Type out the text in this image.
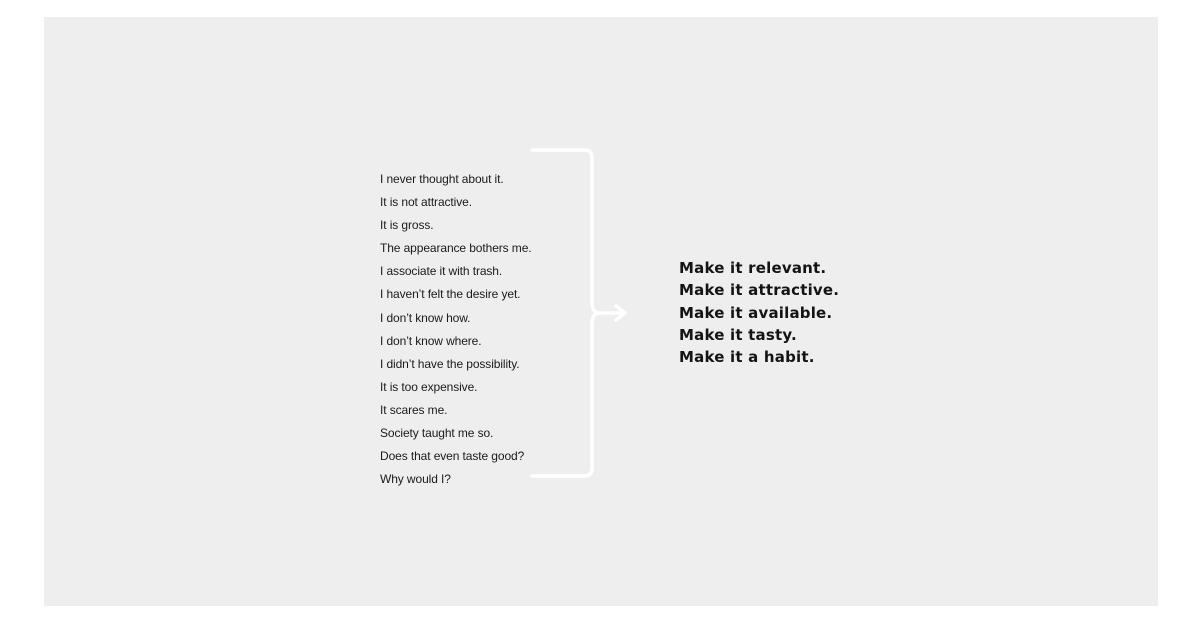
I never thought about it.
It is not attractive.
It is gross.
The appearance bothers me.
I associate it with trash.
I haven’t felt the desire yet.
I don’t know how.
I don’t know where.
I didn’t have the possibility.
It is too expensive.
It scares me.
Society taught me so.
Does that even taste good?
Why would I?
Make it relevant.
Make it attractive.
Make it available.
Make it tasty.
Make it a habit.
